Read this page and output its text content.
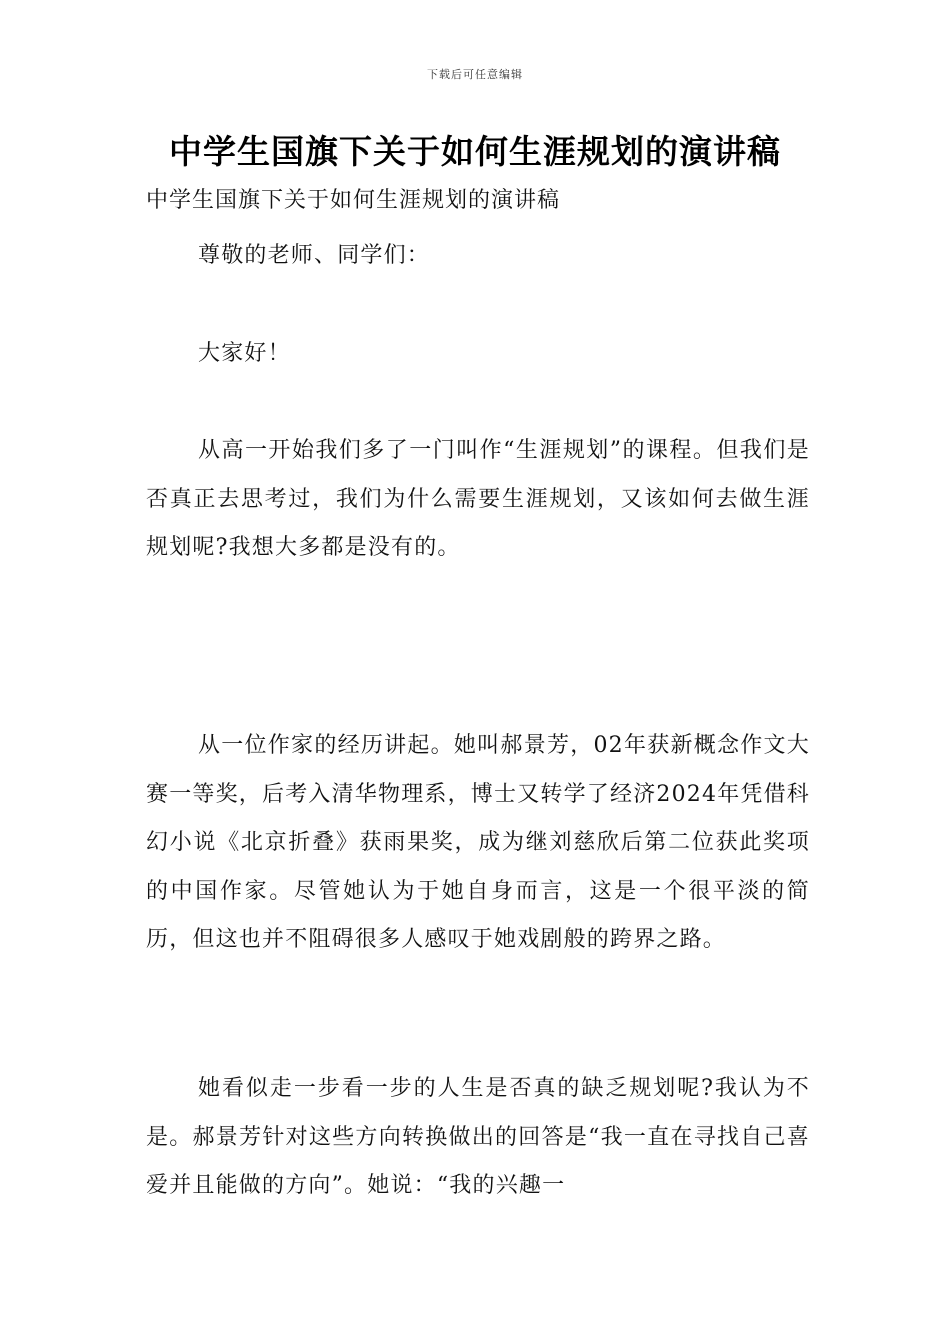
下载后可任意编辑
中学生国旗下关于如何生涯规划的演讲稿

中学生国旗下关于如何生涯规划的演讲稿

尊敬的老师、同学们：

大家好！

从高一开始我们多了一门叫作“生涯规划”的课程。但我们是否真正去思考过，我们为什么需要生涯规划，又该如何去做生涯规划呢?我想大多都是没有的。

从一位作家的经历讲起。她叫郝景芳，02年获新概念作文大赛一等奖，后考入清华物理系，博士又转学了经济2024年凭借科幻小说《北京折叠》获雨果奖，成为继刘慈欣后第二位获此奖项的中国作家。尽管她认为于她自身而言，这是一个很平淡的简历，但这也并不阻碍很多人感叹于她戏剧般的跨界之路。

她看似走一步看一步的人生是否真的缺乏规划呢?我认为不是。郝景芳针对这些方向转换做出的回答是“我一直在寻找自己喜爱并且能做的方向”。她说：“我的兴趣一
